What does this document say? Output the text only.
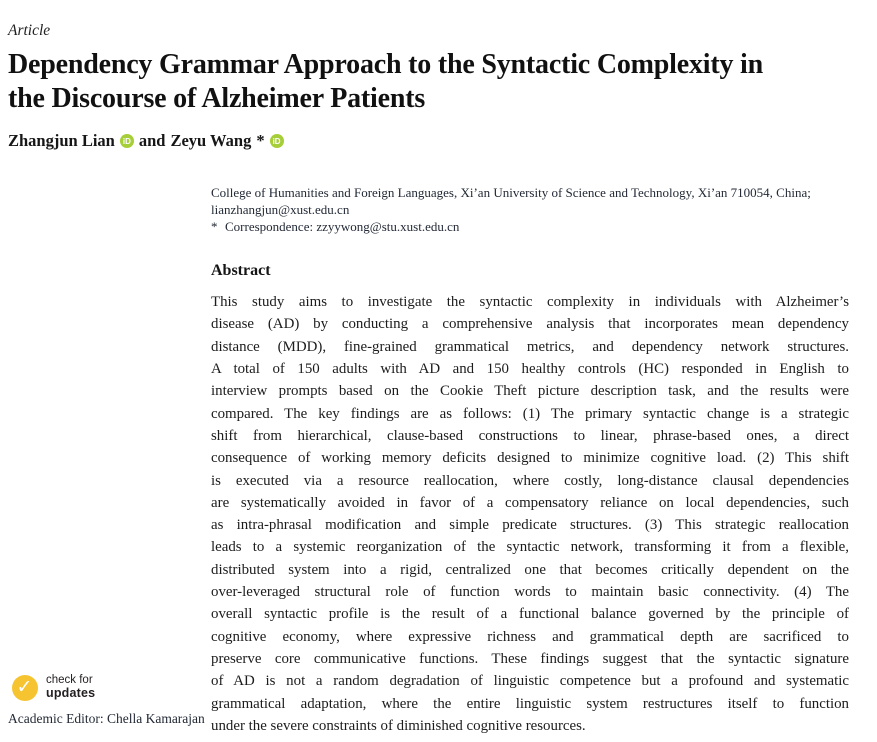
Article
Dependency Grammar Approach to the Syntactic Complexity in
the Discourse of Alzheimer Patients
Zhangjun Lian	iD and Zeyu Wang *	iD
College of Humanities and Foreign Languages, Xi’an University of Science and Technology, Xi’an 710054, China;
lianzhangjun@xust.edu.cn
* Correspondence: zzyywong@stu.xust.edu.cn
Abstract
This study aims to investigate the syntactic complexity in individuals with Alzheimer’s
disease (AD) by conducting a comprehensive analysis that incorporates mean dependency
distance (MDD), fine-grained grammatical metrics, and dependency network structures.
A total of 150 adults with AD and 150 healthy controls (HC) responded in English to
interview prompts based on the Cookie Theft picture description task, and the results were
compared. The key findings are as follows: (1) The primary syntactic change is a strategic
shift from hierarchical, clause-based constructions to linear, phrase-based ones, a direct
consequence of working memory deficits designed to minimize cognitive load. (2) This shift
is executed via a resource reallocation, where costly, long-distance clausal dependencies
are systematically avoided in favor of a compensatory reliance on local dependencies, such
as intra-phrasal modification and simple predicate structures. (3) This strategic reallocation
leads to a systemic reorganization of the syntactic network, transforming it from a flexible,
distributed system into a rigid, centralized one that becomes critically dependent on the
over-leveraged structural role of function words to maintain basic connectivity. (4) The
overall syntactic profile is the result of a functional balance governed by the principle of
cognitive economy, where expressive richness and grammatical depth are sacrificed to
preserve core communicative functions. These findings suggest that the syntactic signature
of AD is not a random degradation of linguistic competence but a profound and systematic
grammatical adaptation, where the entire linguistic system restructures itself to function
under the severe constraints of diminished cognitive resources.
✓ check for
updates
Academic Editor: Chella Kamarajan
